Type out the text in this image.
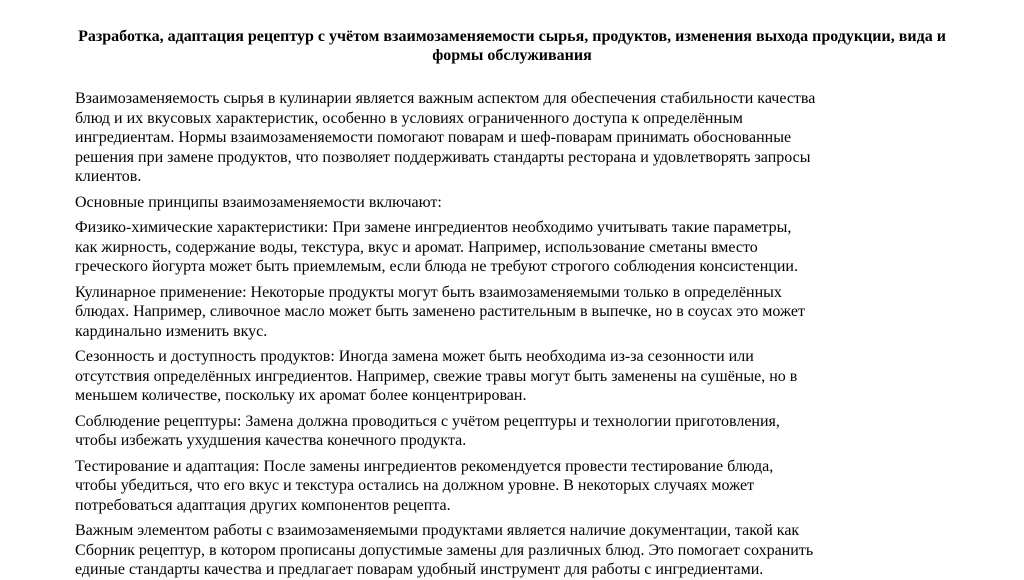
Разработка, адаптация рецептур с учётом взаимозаменяемости сырья, продуктов, изменения выхода продукции, вида и формы обслуживания

Взаимозаменяемость сырья в кулинарии является важным аспектом для обеспечения стабильности качества блюд и их вкусовых характеристик, особенно в условиях ограниченного доступа к определённым ингредиентам. Нормы взаимозаменяемости помогают поварам и шеф-поварам принимать обоснованные решения при замене продуктов, что позволяет поддерживать стандарты ресторана и удовлетворять запросы клиентов.

Основные принципы взаимозаменяемости включают:

Физико-химические характеристики: При замене ингредиентов необходимо учитывать такие параметры, как жирность, содержание воды, текстура, вкус и аромат. Например, использование сметаны вместо греческого йогурта может быть приемлемым, если блюда не требуют строгого соблюдения консистенции.

Кулинарное применение: Некоторые продукты могут быть взаимозаменяемыми только в определённых блюдах. Например, сливочное масло может быть заменено растительным в выпечке, но в соусах это может кардинально изменить вкус.

Сезонность и доступность продуктов: Иногда замена может быть необходима из-за сезонности или отсутствия определённых ингредиентов. Например, свежие травы могут быть заменены на сушёные, но в меньшем количестве, поскольку их аромат более концентрирован.

Соблюдение рецептуры: Замена должна проводиться с учётом рецептуры и технологии приготовления, чтобы избежать ухудшения качества конечного продукта.

Тестирование и адаптация: После замены ингредиентов рекомендуется провести тестирование блюда, чтобы убедиться, что его вкус и текстура остались на должном уровне. В некоторых случаях может потребоваться адаптация других компонентов рецепта.

Важным элементом работы с взаимозаменяемыми продуктами является наличие документации, такой как Сборник рецептур, в котором прописаны допустимые замены для различных блюд. Это помогает сохранить единые стандарты качества и предлагает поварам удобный инструмент для работы с ингредиентами.
